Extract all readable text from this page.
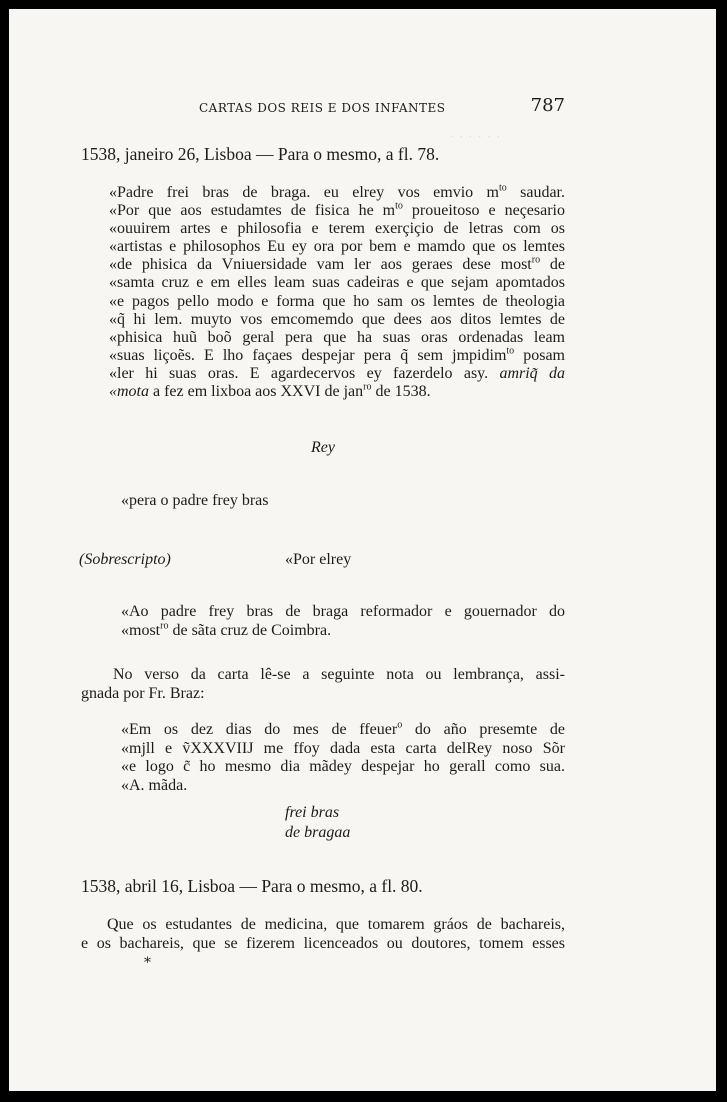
· · · · · ·
CARTAS DOS REIS E DOS INFANTES	787

1538, janeiro 26, Lisboa — Para o mesmo, a fl. 78.

«Padre frei bras de braga. eu elrey vos emvio $m^{to}$ saudar.
«Por que aos estudamtes de fisica he $m^{to}$ proueitoso e neçesario
«ouuirem artes e philosofia e terem exerçiçio de letras com os
«artistas e philosophos Eu ey ora por bem e mamdo que os lemtes
«de phisica da Vniuersidade vam ler aos geraes dese most$^{ro}$ de
«samta cruz e em elles leam suas cadeiras e que sejam apomtados
«e pagos pello modo e forma que ho sam os lemtes de theologia
«q̃ hi lem. muyto vos emcomemdo que dees aos ditos lemtes de
«phisica huũ boõ geral pera que ha suas oras ordenadas leam
«suas liçoẽs. E lho façaes despejar pera q̃ sem jmpidim$^{to}$ posam
«ler hi suas oras. E agardecervos ey fazerdelo asy. amriq̃ da
«mota a fez em lixboa aos XXVI de jan$^{ro}$ de 1538.
Rey
«pera o padre frey bras
(Sobrescripto)	«Por elrey
«Ao padre frey bras de braga reformador e gouernador do
«most$^{ro}$ de sãta cruz de Coimbra.
No verso da carta lê-se a seguinte nota ou lembrança, assi-
gnada por Fr. Braz:
«Em os dez dias do mes de ffeuer$^o$ do año presemte de
«mjll e ṽXXXVIIJ me ffoy dada esta carta delRey noso Sõr
«e logo c̃ ho mesmo dia mãdey despejar ho gerall como sua.
«A. mãda.
frei bras
de bragaa

1538, abril 16, Lisboa — Para o mesmo, a fl. 80.

Que os estudantes de medicina, que tomarem gráos de bachareis,
e os bachareis, que se fizerem licenceados ou doutores, tomem esses
*
